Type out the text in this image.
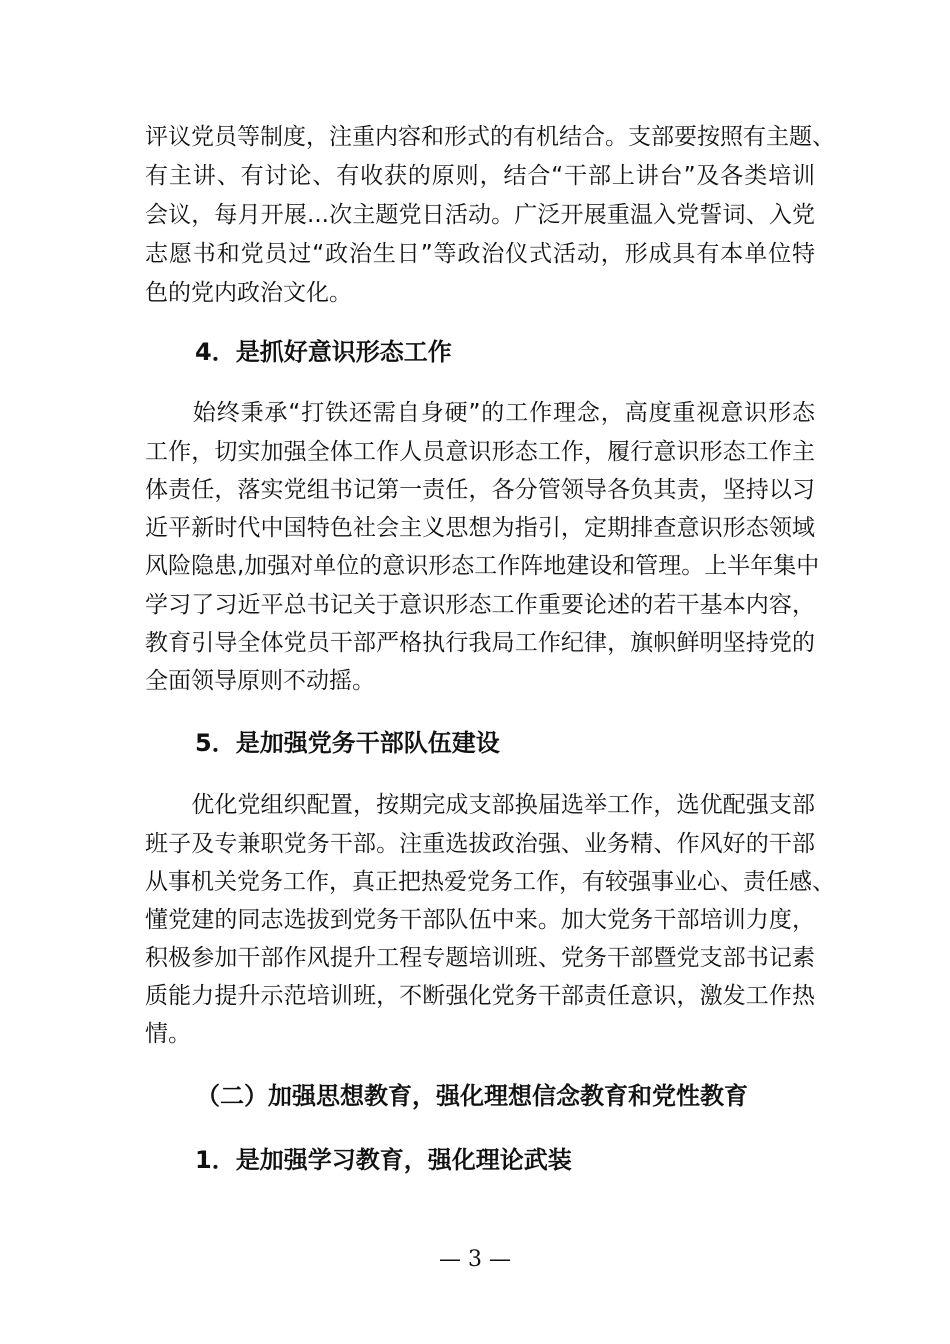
评议党员等制度，注重内容和形式的有机结合。支部要按照有主题、
有主讲、有讨论、有收获的原则，结合“干部上讲台”及各类培训
会议，每月开展...次主题党日活动。广泛开展重温入党誓词、入党
志愿书和党员过“政治生日”等政治仪式活动，形成具有本单位特
色的党内政治文化。
4．是抓好意识形态工作
　　始终秉承“打铁还需自身硬”的工作理念，高度重视意识形态
工作，切实加强全体工作人员意识形态工作，履行意识形态工作主
体责任，落实党组书记第一责任，各分管领导各负其责，坚持以习
近平新时代中国特色社会主义思想为指引，定期排查意识形态领域
风险隐患,加强对单位的意识形态工作阵地建设和管理。上半年集中
学习了习近平总书记关于意识形态工作重要论述的若干基本内容，
教育引导全体党员干部严格执行我局工作纪律，旗帜鲜明坚持党的
全面领导原则不动摇。
5．是加强党务干部队伍建设
　　优化党组织配置，按期完成支部换届选举工作，选优配强支部
班子及专兼职党务干部。注重选拔政治强、业务精、作风好的干部
从事机关党务工作，真正把热爱党务工作，有较强事业心、责任感、
懂党建的同志选拔到党务干部队伍中来。加大党务干部培训力度，
积极参加干部作风提升工程专题培训班、党务干部暨党支部书记素
质能力提升示范培训班，不断强化党务干部责任意识，激发工作热
情。
（二）加强思想教育，强化理想信念教育和党性教育
1．是加强学习教育，强化理论武装
— 3 —
